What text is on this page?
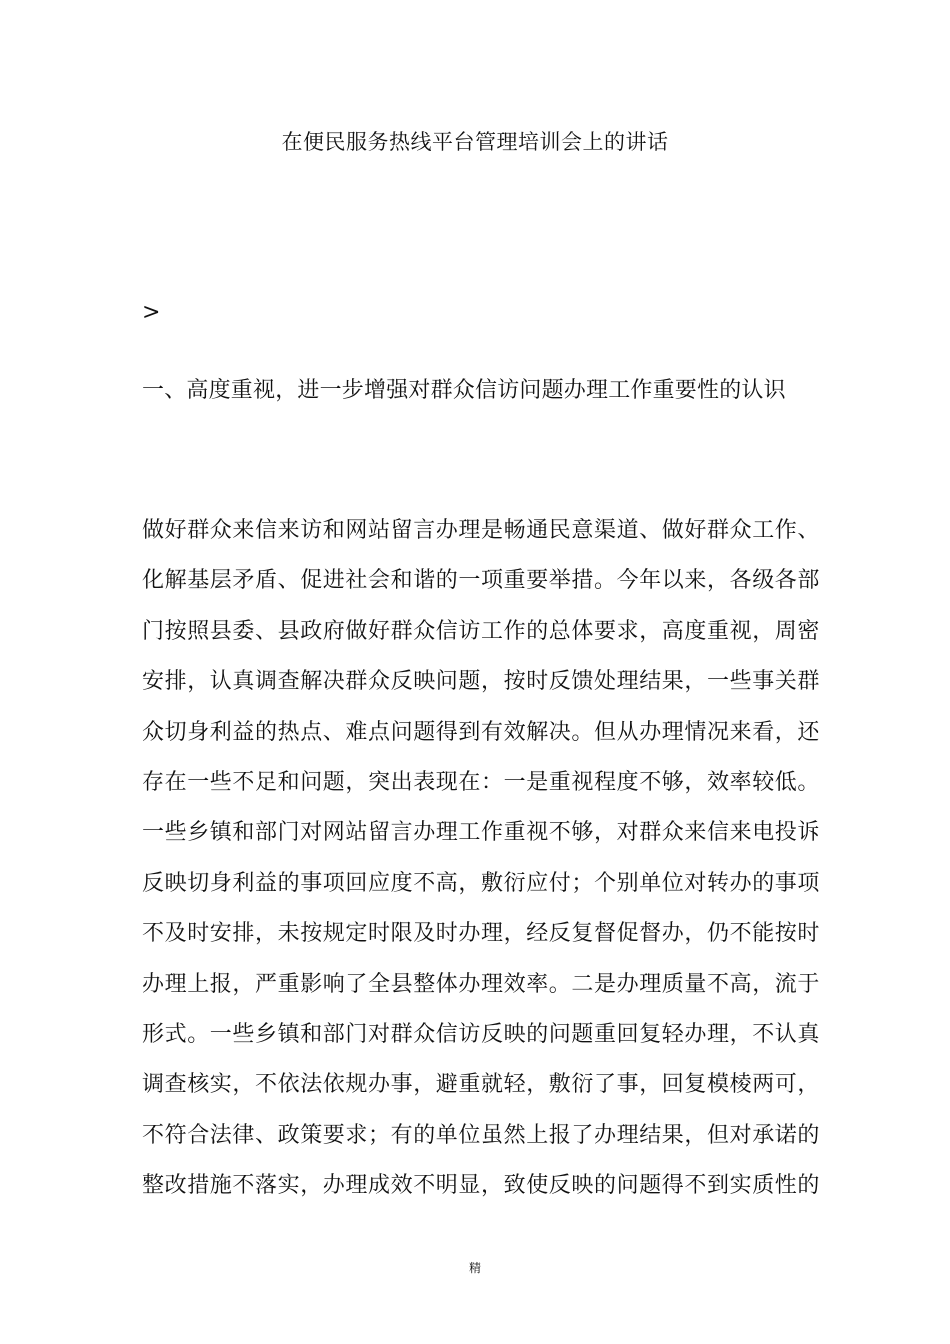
在便民服务热线平台管理培训会上的讲话
>
一、高度重视，进一步增强对群众信访问题办理工作重要性的认识
做好群众来信来访和网站留言办理是畅通民意渠道、做好群众工作、
化解基层矛盾、促进社会和谐的一项重要举措。今年以来，各级各部
门按照县委、县政府做好群众信访工作的总体要求，高度重视，周密
安排，认真调查解决群众反映问题，按时反馈处理结果，一些事关群
众切身利益的热点、难点问题得到有效解决。但从办理情况来看，还
存在一些不足和问题，突出表现在：一是重视程度不够，效率较低。
一些乡镇和部门对网站留言办理工作重视不够，对群众来信来电投诉
反映切身利益的事项回应度不高，敷衍应付；个别单位对转办的事项
不及时安排，未按规定时限及时办理，经反复督促督办，仍不能按时
办理上报，严重影响了全县整体办理效率。二是办理质量不高，流于
形式。一些乡镇和部门对群众信访反映的问题重回复轻办理，不认真
调查核实，不依法依规办事，避重就轻，敷衍了事，回复模棱两可，
不符合法律、政策要求；有的单位虽然上报了办理结果，但对承诺的
整改措施不落实，办理成效不明显，致使反映的问题得不到实质性的
精
